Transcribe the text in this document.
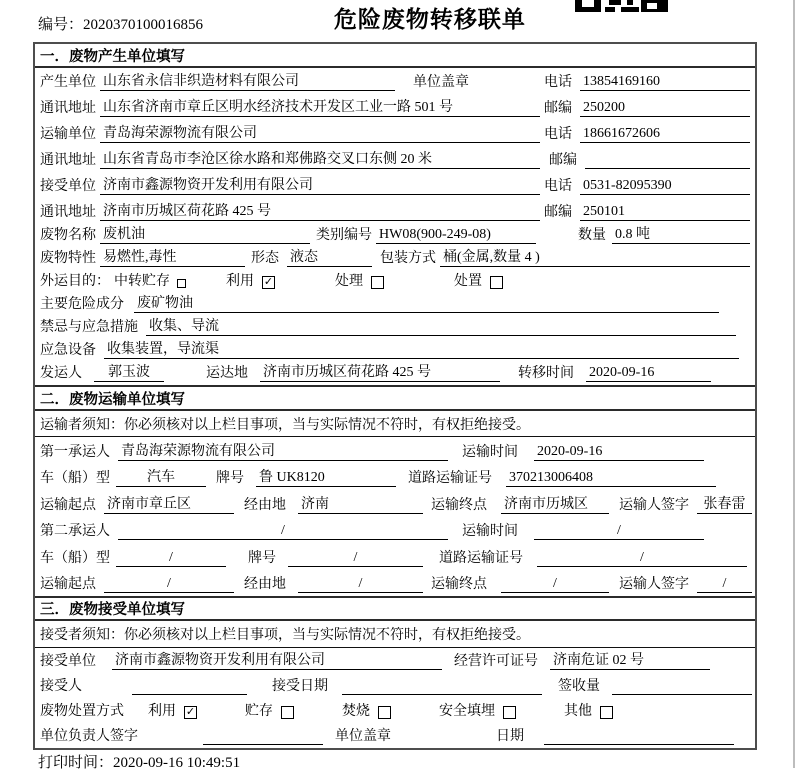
编号：2020370100016856	危险废物转移联单
一．废物产生单位填写
产生单位 山东省永信非织造材料有限公司	单位盖章	电话 13854169160
通讯地址 山东省济南市章丘区明水经济技术开发区工业一路 501 号	邮编 250200
运输单位 青岛海荣源物流有限公司	电话 18661672606
通讯地址 山东省青岛市李沧区徐水路和郑佛路交叉口东侧 20 米	邮编
接受单位 济南市鑫源物资开发利用有限公司	电话 0531-82095390
通讯地址 济南市历城区荷花路 425 号	邮编 250101
废物名称 废机油	类别编号 HW08(900-249-08)	数量 0.8 吨
废物特性 易燃性,毒性	形态 液态	包装方式 桶(金属,数量 4 )
外运目的： 中转贮存	利用 ✓	处理	处置
主要危险成分 废矿物油
禁忌与应急措施 收集、导流
应急设备 收集装置，导流渠
发运人	郭玉波	运达地 济南市历城区荷花路 425 号	转移时间 2020-09-16
二．废物运输单位填写
运输者须知：你必须核对以上栏目事项，当与实际情况不符时，有权拒绝接受。
第一承运人 青岛海荣源物流有限公司	运输时间 2020-09-16
车（船）型	汽车	牌号 鲁 UK8120	道路运输证号 370213006408
运输起点 济南市章丘区	经由地 济南	运输终点 济南市历城区	运输人签字	张春雷
第二承运人	/	运输时间	/
车（船）型	/	牌号	/	道路运输证号	/
运输起点	/	经由地	/	运输终点	/	运输人签字	/
三．废物接受单位填写
接受者须知：你必须核对以上栏目事项，当与实际情况不符时，有权拒绝接受。
接受单位 济南市鑫源物资开发利用有限公司	经营许可证号 济南危证 02 号
接受人	接受日期	签收量
废物处置方式 利用 ✓	贮存	焚烧	安全填埋	其他
单位负责人签字	单位盖章	日期
打印时间：2020-09-16 10:49:51
